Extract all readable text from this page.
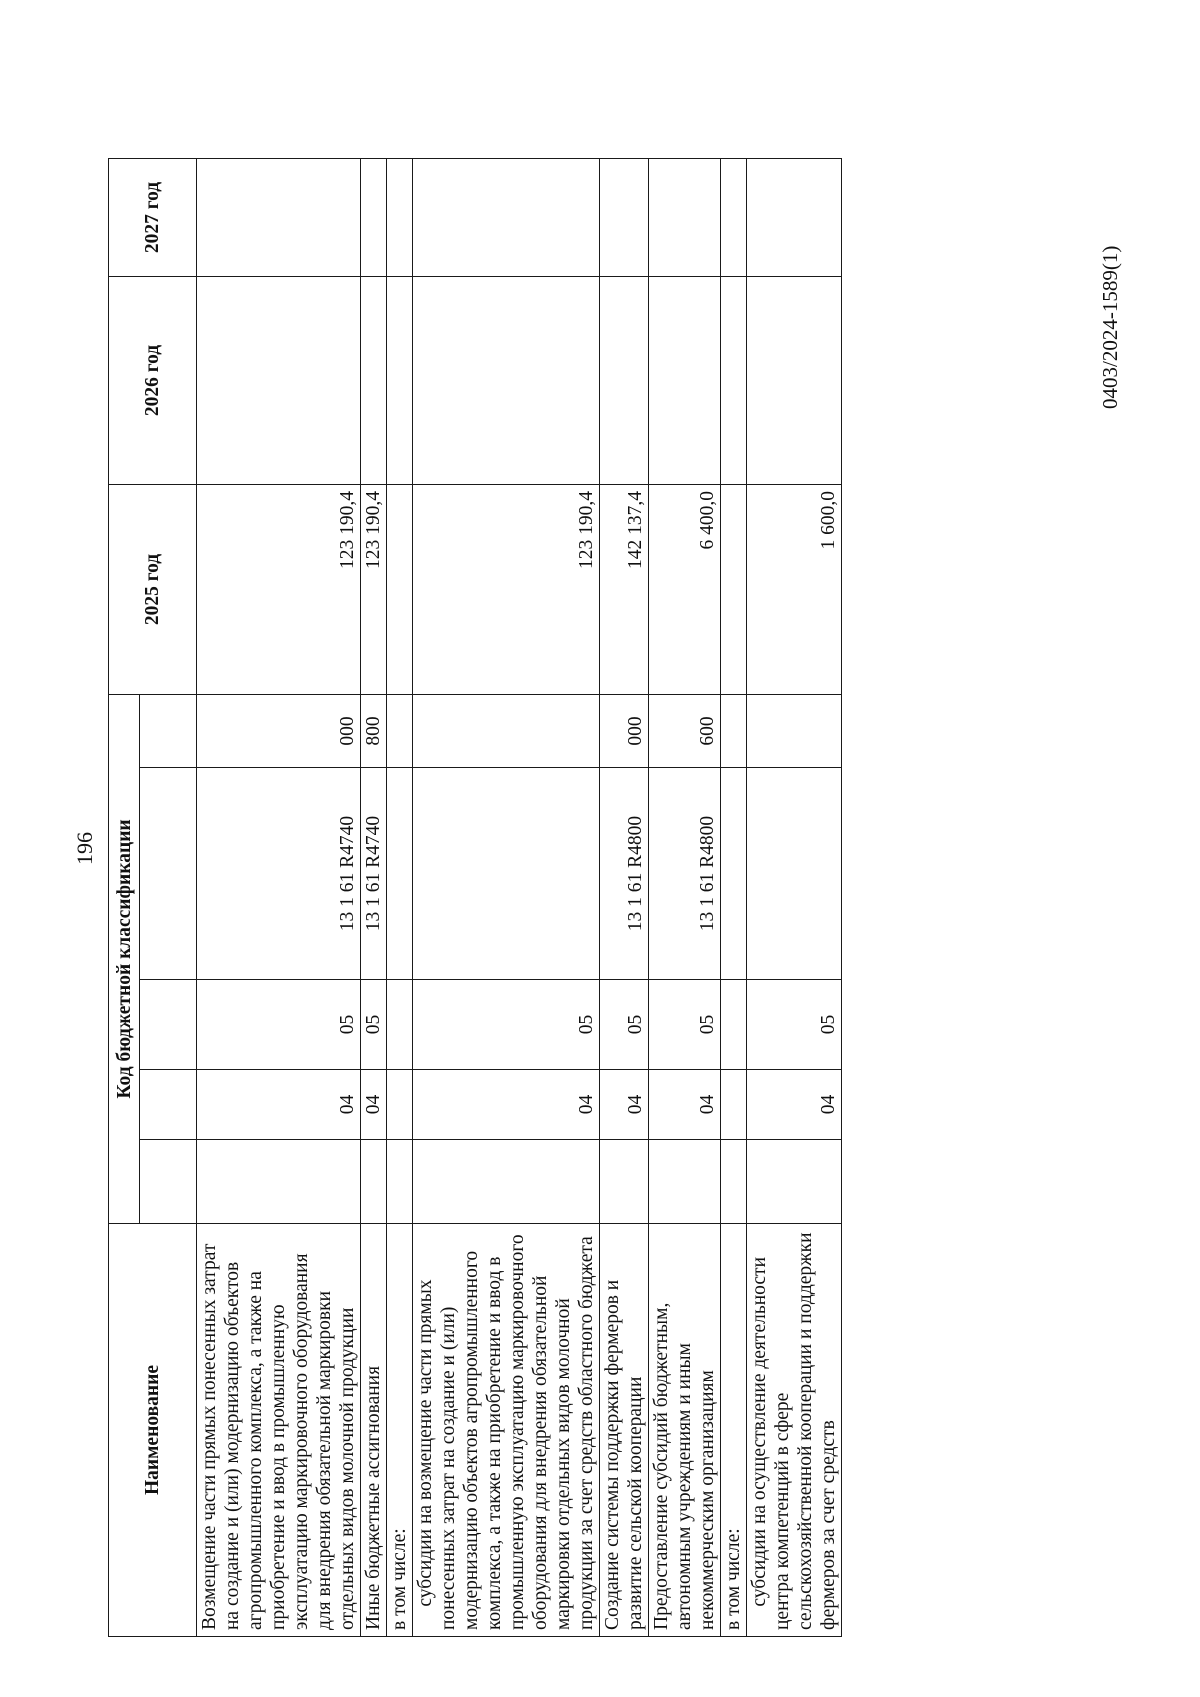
196
0403/2024-1589(1)
Наименование	Код бюджетной классификации					2025 год	2026 год	2027 год

Возмещение части прямых понесенных затрат на создание и (или) модернизацию объектов агропромышленного комплекса, а также на приобретение и ввод в промышленную эксплуатацию маркировочного оборудования для внедрения обязательной маркировки отдельных видов молочной продукции		04	05	13 1 61 R4740	000	123 190,4		
Иные бюджетные ассигнования		04	05	13 1 61 R4740	800	123 190,4		
в том числе:								
субсидии на возмещение части прямых понесенных затрат на создание и (или) модернизацию объектов агропромышленного комплекса, а также на приобретение и ввод в промышленную эксплуатацию маркировочного оборудования для внедрения обязательной маркировки отдельных видов молочной продукции за счет средств областного бюджета		04	05			123 190,4		
Создание системы поддержки фермеров и развитие сельской кооперации		04	05	13 1 61 R4800	000	142 137,4		
Предоставление субсидий бюджетным, автономным учреждениям и иным некоммерческим организациям		04	05	13 1 61 R4800	600	6 400,0		
в том числе:								
субсидии на осуществление деятельности центра компетенций в сфере сельскохозяйственной кооперации и поддержки фермеров за счет средств		04	05			1 600,0		
